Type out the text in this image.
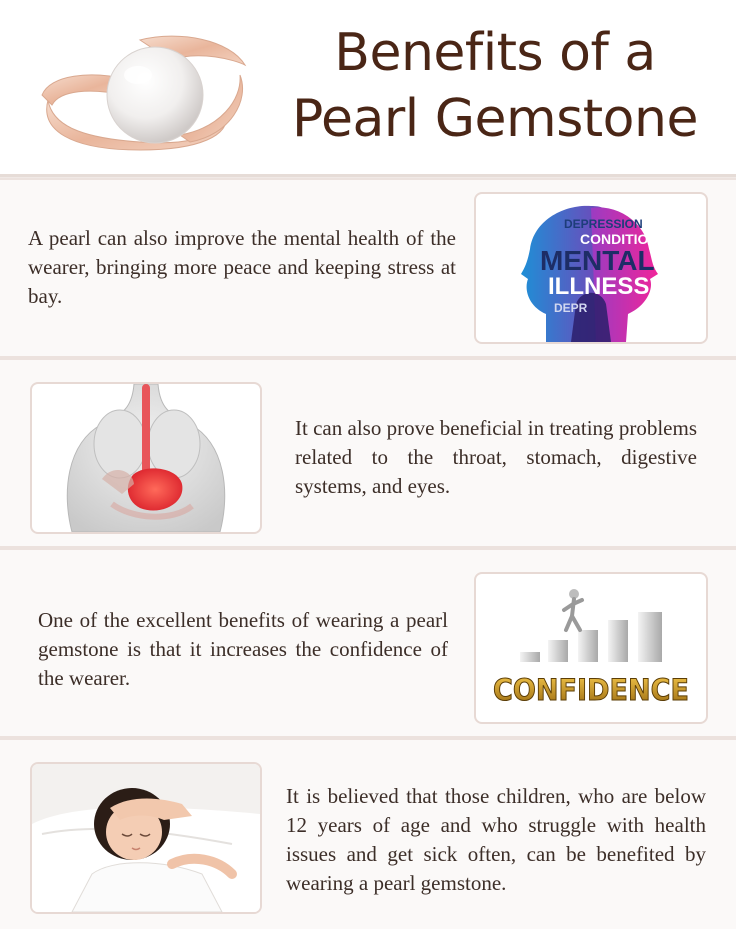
Benefits of a
Pearl Gemstone
A pearl can also improve the mental health of the wearer, bringing more peace and keeping stress at bay.
DEPRESSION
CONDITION
MENTAL
ILLNESS
DEPR
It can also prove beneficial in treating problems related to the throat, stomach, digestive systems, and eyes.
One of the excellent benefits of wearing a pearl gemstone is that it increases the confidence of the wearer.	CONFIDENCE
It is believed that those children, who are below 12 years of age and who struggle with health issues and get sick often, can be benefited by wearing a pearl gemstone.
